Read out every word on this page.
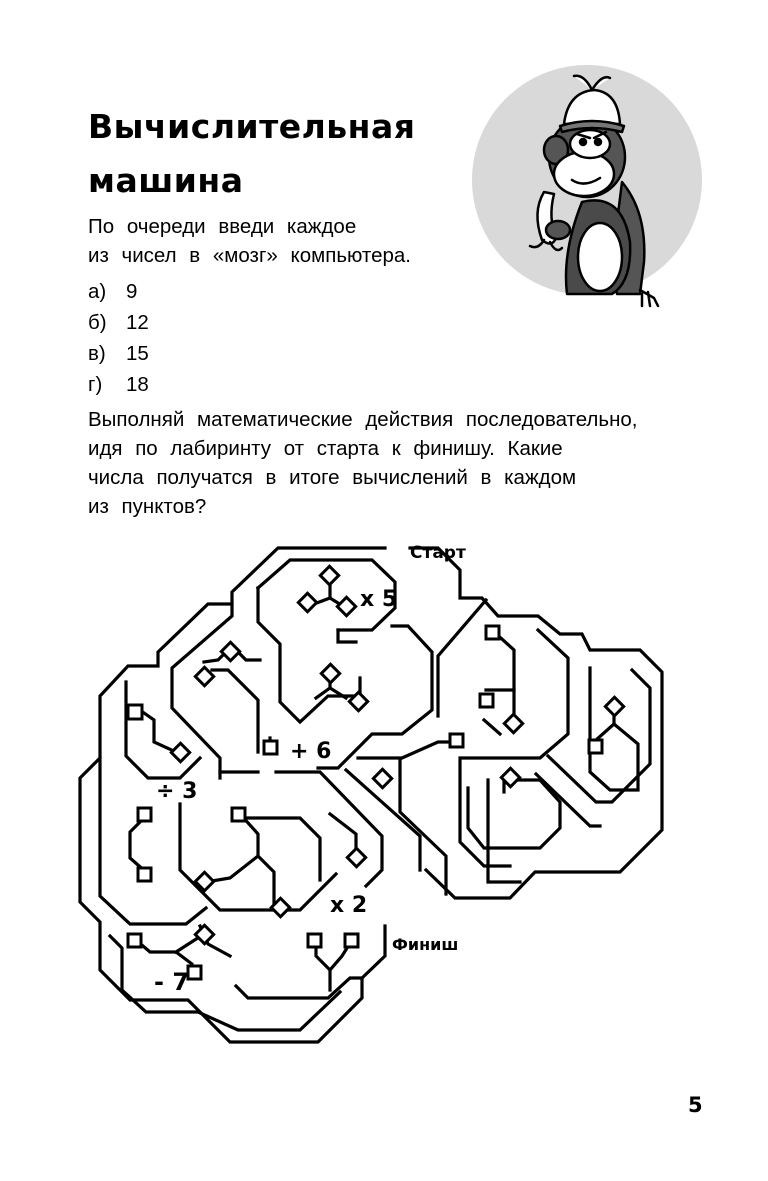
Вычислительная
машина
По очереди введи каждое
из чисел в «мозг» компьютера.
а) 9
б) 12
в) 15
г) 18
Выполняй математические действия последовательно,
идя по лабиринту от старта к финишу. Какие
числа получатся в итоге вычислений в каждом
из пунктов?
Старт
Финиш
x 5
+ 6
÷ 3
x 2
- 7
5
